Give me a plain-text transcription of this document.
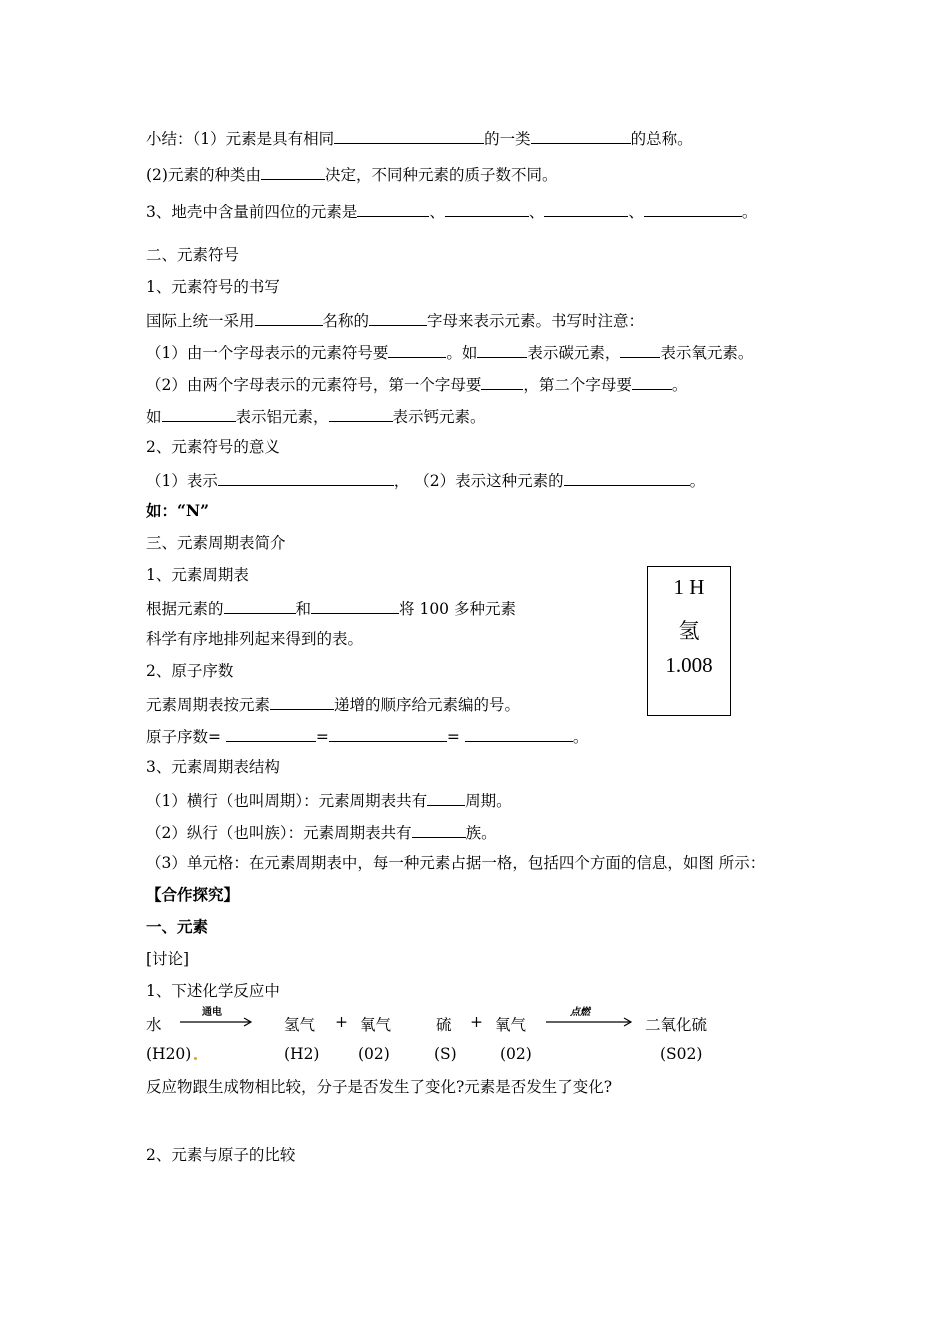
小结：（1）元素是具有相同	的一类	的总称。
(2)元素的种类由	决定，不同种元素的质子数不同。
3、地壳中含量前四位的元素是	、	、	、	。
二、元素符号
1、元素符号的书写
国际上统一采用	名称的	字母来表示元素。书写时注意：
（1）由一个字母表示的元素符号要	。如	表示碳元素，	表示氧元素。
（2）由两个字母表示的元素符号，第一个字母要	，第二个字母要	。
如	表示铝元素，	表示钙元素。
2、元素符号的意义
（1）表示	， （2）表示这种元素的	。
如：“N”
三、元素周期表简介
1、元素周期表
根据元素的	和	将 100 多种元素
科学有序地排列起来得到的表。
2、原子序数
元素周期表按元素	递增的顺序给元素编的号。
原子序数=	=	=	。
3、元素周期表结构
（1）横行（也叫周期）：元素周期表共有 周期。
（2）纵行（也叫族）：元素周期表共有	族。
（3）单元格：在元素周期表中，每一种元素占据一格，包括四个方面的信息，如图 所示：
1 H
氢
1.008
【合作探究】
一、元素
[讨论]
1、下述化学反应中
水
通电
氢气 + 氧气	硫 + 氧气
点燃
二氧化硫
(H20)	(H2) (02)	(S)	(02)	(S02)
反应物跟生成物相比较，分子是否发生了变化?元素是否发生了变化?
2、元素与原子的比较
